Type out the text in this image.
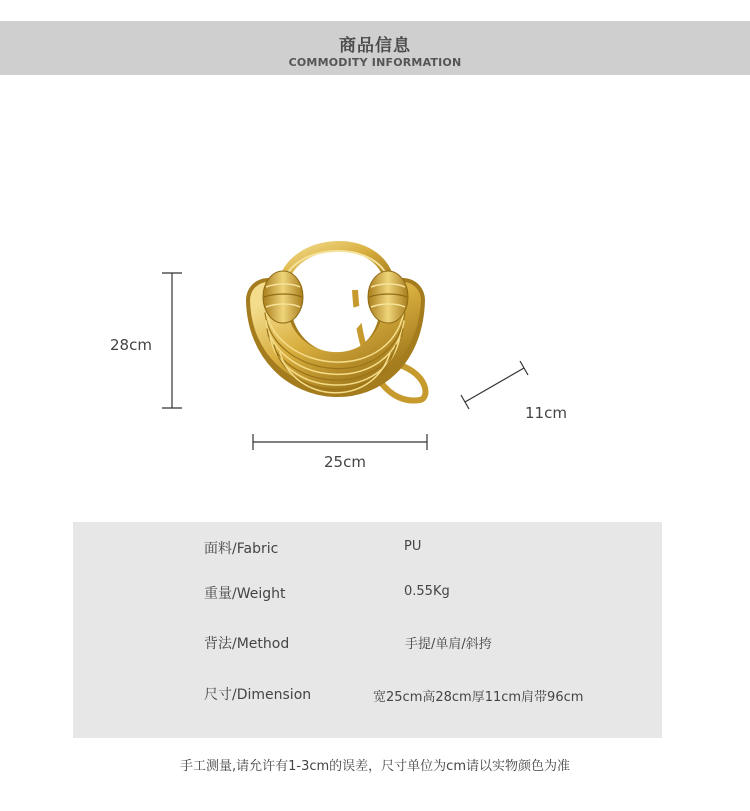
商品信息
COMMODITY INFORMATION
28cm
25cm
11cm
面料/Fabric	PU
重量/Weight	0.55Kg
背法/Method	手提/单肩/斜挎
尺寸/Dimension	宽25cm高28cm厚11cm肩带96cm
手工测量,请允许有1-3cm的误差，尺寸单位为cm请以实物颜色为准
